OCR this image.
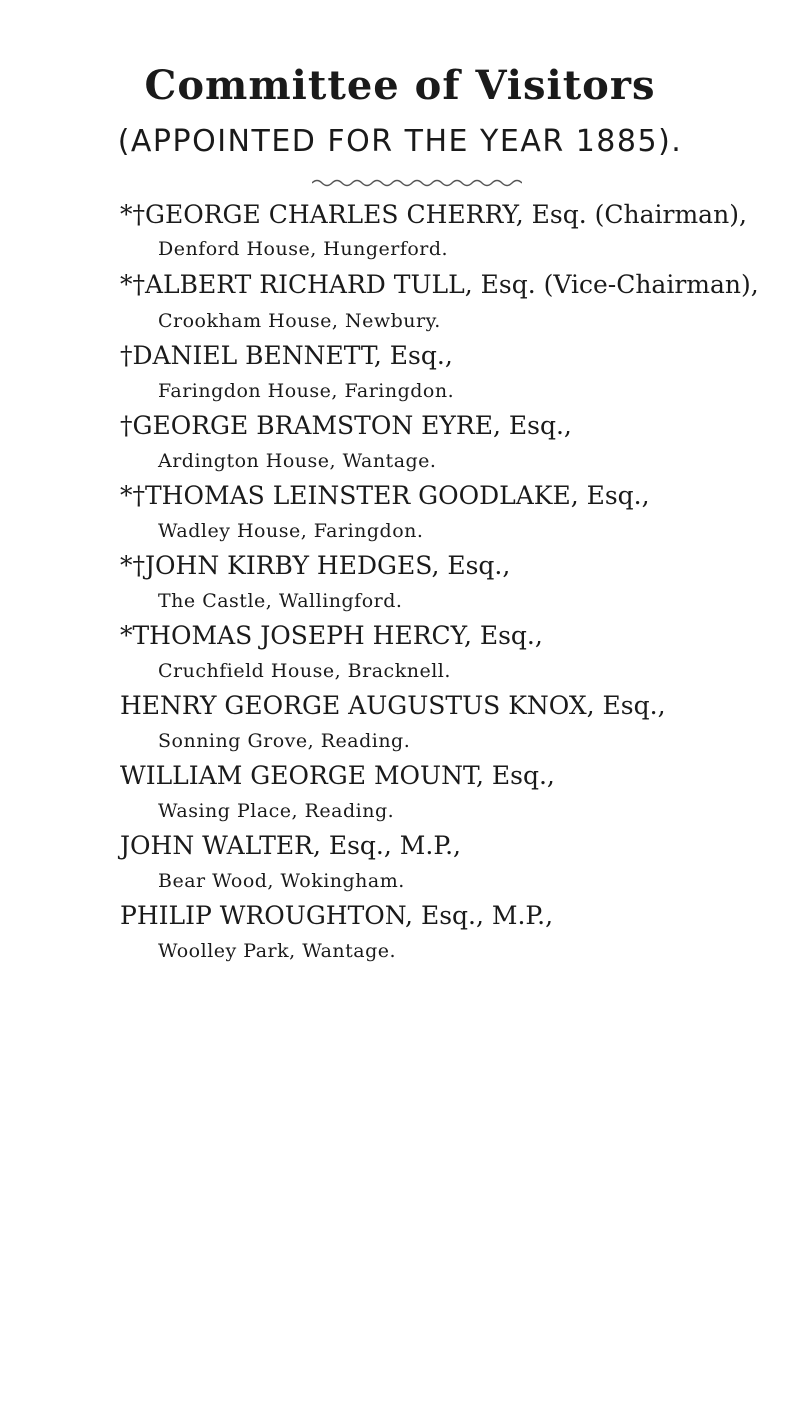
Committee of Visitors
(APPOINTED FOR THE YEAR 1885).
*†GEORGE CHARLES CHERRY, Esq. (Chairman),
Denford House, Hungerford.
*†ALBERT RICHARD TULL, Esq. (Vice-Chairman),
Crookham House, Newbury.
†DANIEL BENNETT, Esq.,
Faringdon House, Faringdon.
†GEORGE BRAMSTON EYRE, Esq.,
Ardington House, Wantage.
*†THOMAS LEINSTER GOODLAKE, Esq.,
Wadley House, Faringdon.
*†JOHN KIRBY HEDGES, Esq.,
The Castle, Wallingford.
*THOMAS JOSEPH HERCY, Esq.,
Cruchfield House, Bracknell.
HENRY GEORGE AUGUSTUS KNOX, Esq.,
Sonning Grove, Reading.
WILLIAM GEORGE MOUNT, Esq.,
Wasing Place, Reading.
JOHN WALTER, Esq., M.P.,
Bear Wood, Wokingham.
PHILIP WROUGHTON, Esq., M.P.,
Woolley Park, Wantage.
